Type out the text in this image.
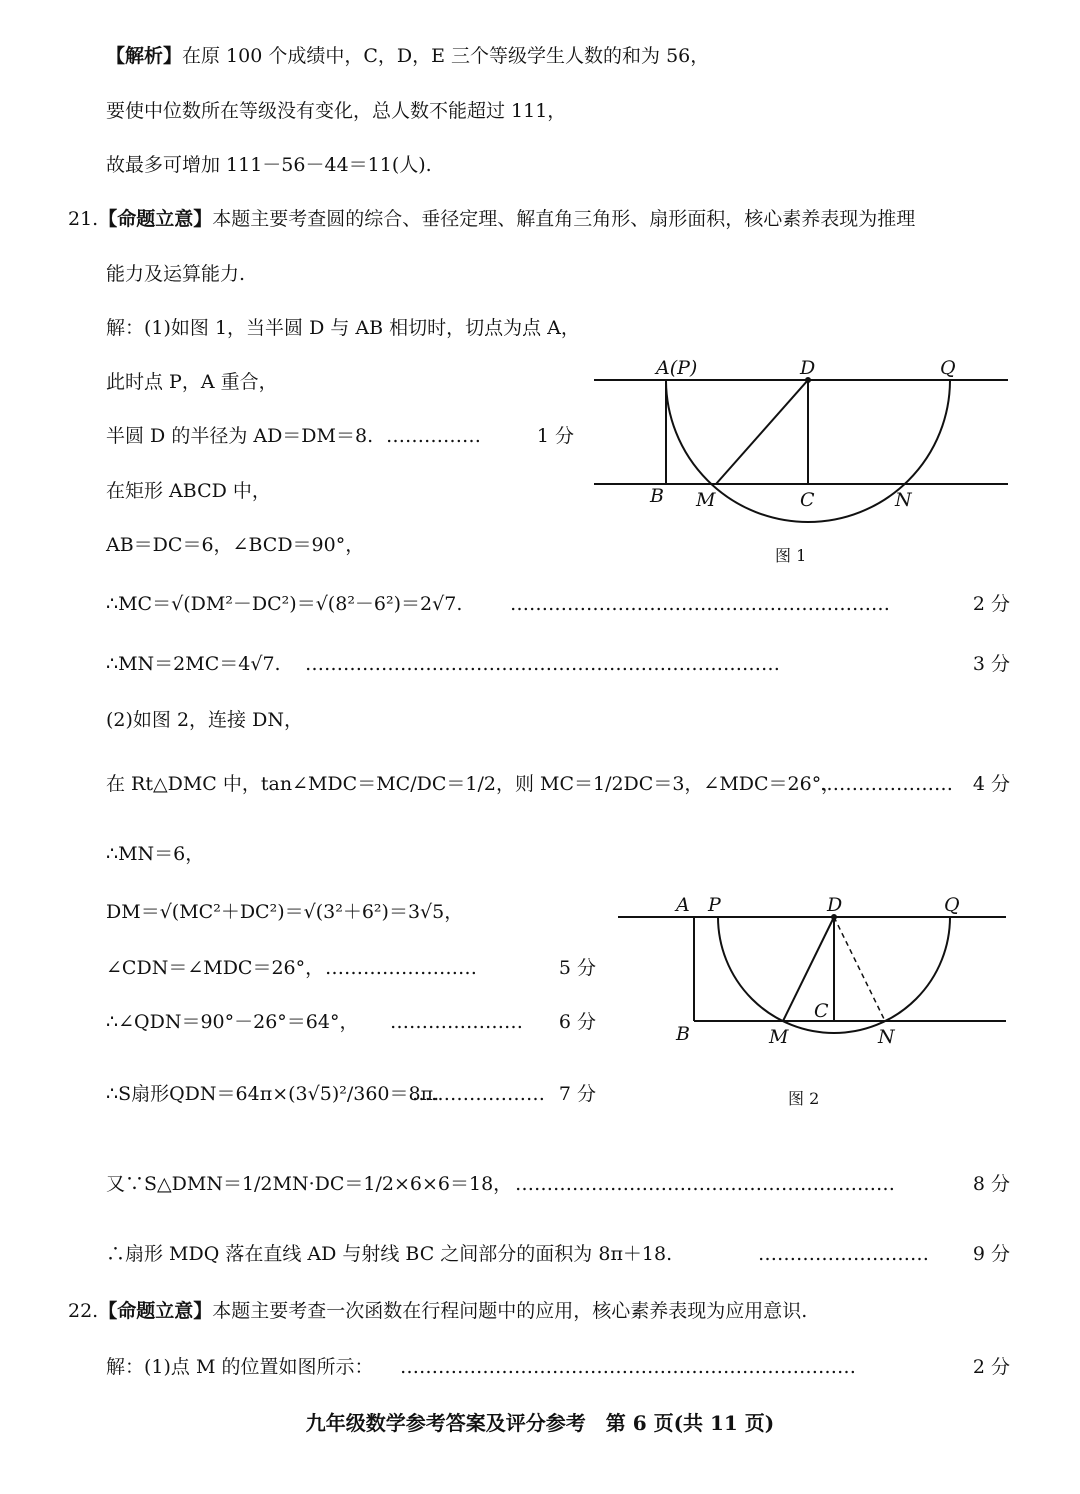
【解析】在原 100 个成绩中，C，D，E 三个等级学生人数的和为 56，
要使中位数所在等级没有变化，总人数不能超过 111，
故最多可增加 111－56－44＝11(人).
21.【命题立意】本题主要考查圆的综合、垂径定理、解直角三角形、扇形面积，核心素养表现为推理
能力及运算能力.
解：(1)如图 1，当半圆 D 与 AB 相切时，切点为点 A，
此时点 P，A 重合，
半圆 D 的半径为 AD＝DM＝8. ……………	1 分
在矩形 ABCD 中，
AB＝DC＝6，∠BCD＝90°，
∴MC＝√(DM²－DC²)＝√(8²－6²)＝2√7.	……………………………………………………	2 分
∴MN＝2MC＝4√7. …………………………………………………………………	3 分
(2)如图 2，连接 DN，
在 Rt△DMC 中，tan∠MDC＝MC/DC＝1/2，则 MC＝1/2DC＝3，∠MDC＝26°，
………………… 4 分
∴MN＝6，
DM＝√(MC²＋DC²)＝√(3²＋6²)＝3√5，
∠CDN＝∠MDC＝26°， ……………………	5 分
∴∠QDN＝90°－26°＝64°， ………………… 6 分
∴S扇形QDN＝64π×(3√5)²/360＝8π.
………………… 7 分
又∵S△DMN＝1/2MN·DC＝1/2×6×6＝18， ……………………………………………………	8 分
∴扇形 MDQ 落在直线 AD 与射线 BC 之间部分的面积为 8π＋18.	……………………… 9 分
22.【命题立意】本题主要考查一次函数在行程问题中的应用，核心素养表现为应用意识.
解：(1)点 M 的位置如图所示： ………………………………………………………………	2 分
A(P)	D	Q
B M	C	N
图 1
A P	D	Q
C
B	M	N
图 2
九年级数学参考答案及评分参考　第 6 页(共 11 页)
